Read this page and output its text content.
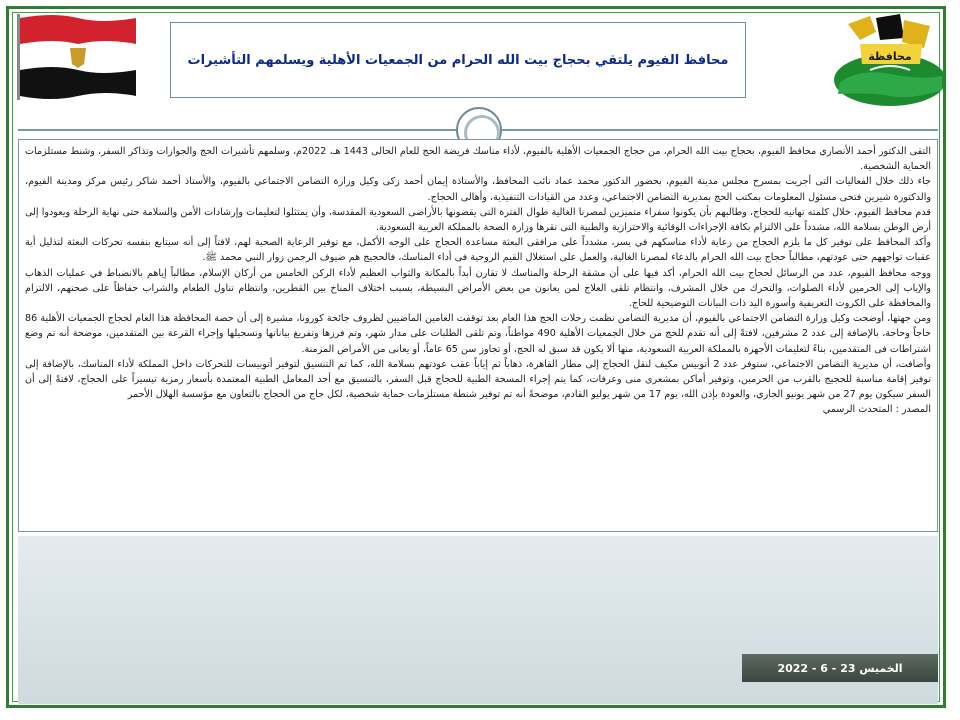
محافظة
محافظ الفيوم يلتقي بحجاج بيت الله الحرام من الجمعيات الأهلية ويسلمهم التأشيرات

التقى الدكتور أحمد الأنصاري محافظ الفيوم، بحجاج بيت الله الحرام، من حجاج الجمعيات الأهلية بالفيوم، لأداء مناسك فريضة الحج للعام الحالى 1443 هـ، 2022م، وسلمهم تأشيرات الحج والجوازات وتذاكر السفر، وشنط مستلزمات الحماية الشخصية.

جاء ذلك خلال الفعاليات التى أجريت بمسرح مجلس مدينة الفيوم، بحضور الدكتور محمد عماد نائب المحافظ، والأستاذة إيمان أحمد زكى وكيل وزارة التضامن الاجتماعي بالفيوم، والأستاذ أحمد شاكر رئيس مركز ومدينة الفيوم، والدكتورة شيرين فتحى مسئول المعلومات بمكتب الحج بمديرية التضامن الاجتماعي، وعدد من القيادات التنفيذية، وأهالى الحجاج.

قدم محافظ الفيوم، خلال كلمته تهانيه للحجاج، وطالبهم بأن يكونوا سفراء متميزين لمصرنا الغالية طوال الفترة التى يقضونها بالأراضى السعودية المقدسة، وأن يمتثلوا لتعليمات وإرشادات الأمن والسلامة حتى نهاية الرحلة ويعودوا إلى أرض الوطن بسلامة الله، مشدداً على الالتزام بكافة الإجراءات الوقائية والاحترازية والطبية التى تقرها وزارة الصحة بالمملكة العربية السعودية.

وأكد المحافظ على توفير كل ما يلزم الحجاج من رعاية لأداء مناسكهم في يسر، مشدداً على مرافقى البعثة مساعدة الحجاج على الوجه الأكمل، مع توفير الرعاية الصحية لهم، لافتاً إلى أنه سيتابع بنفسه تحركات البعثة لتذليل أية عقبات تواجههم حتى عودتهم، مطالباً حجاج بيت الله الحرام بالدعاء لمصرنا الغالية، والعمل على استغلال القيم الروحية فى أداء المناسك، فالحجيج هم ضيوف الرحمن زوار النبي محمد ﷺ.

ووجه محافظ الفيوم، عدد من الرسائل لحجاج بيت الله الحرام، أكد فيها على أن مشقة الرحلة والمناسك لا تقارن أبداً بالمكانة والثواب العظيم لأداء الركن الخامس من أركان الإسلام، مطالباً إياهم بالانضباط في عمليات الذهاب والإياب إلى الحرمين لأداء الصلوات، والتحرك من خلال المشرف، وانتظام تلقى العلاج لمن يعانون من بعض الأمراض البسيطة، بسبب اختلاف المناخ بين القطرين، وانتظام تناول الطعام والشراب حفاظاً على صحتهم، الالتزام والمحافظة على الكروت التعريفية وأسورة اليد ذات البيانات التوضيحية للحاج.

ومن جهتها، أوضحت وكيل وزارة التضامن الاجتماعي بالفيوم، أن مديرية التضامن نظمت رحلات الحج هذا العام بعد توقفت العامين الماضيين لظروف جائحة كورونا، مشيرة إلى أن حصة المحافظة هذا العام لحجاج الجمعيات الأهلية 86 حاجاً وحاجة، بالإضافة إلى عدد 2 مشرفين، لافتةً إلى أنه تقدم للحج من خلال الجمعيات الأهلية 490 مواطناً، وتم تلقى الطلبات على مدار شهر، وتم فرزها وتفريغ بياناتها وتسجيلها وإجراء القرعة بين المتقدمين، موضحة أنه تم وضع اشتراطات فى المتقدمين، بناءً لتعليمات الأجهزة بالمملكة العربية السعودية، منها ألا يكون قد سبق له الحج، أو تجاوز سن 65 عاماً، أو يعانى من الأمراض المزمنة.

وأضافت، أن مديرية التضامن الاجتماعي، ستوفر عدد 2 أتوبيس مكيف لنقل الحجاج إلى مطار القاهرة، ذهاباً ثم إياباً عقب عودتهم بسلامة الله، كما تم التنسيق لتوفير أتوبيسات للتحركات داخل المملكة لأداء المناسك، بالإضافة إلى توفير إقامة مناسبة للحجيج بالقرب من الحرمين، وتوفير أماكن بمشعرى منى وعرفات، كما يتم إجراء المسحة الطبية للحجاج قبل السفر، بالتنسيق مع أحد المعامل الطبية المعتمدة بأسعار رمزية تيسيراً على الحجاج، لافتةً إلى أن السفر سيكون يوم 27 من شهر يونيو الجاري، والعودة بإذن الله، يوم 17 من شهر يوليو القادم، موضحةً أنه تم توفير شنطة مستلزمات حماية شخصية، لكل حاج من الحجاج بالتعاون مع مؤسسة الهلال الأحمر

المصدر : المتحدث الرسمي

الخميس 23 - 6 - 2022
